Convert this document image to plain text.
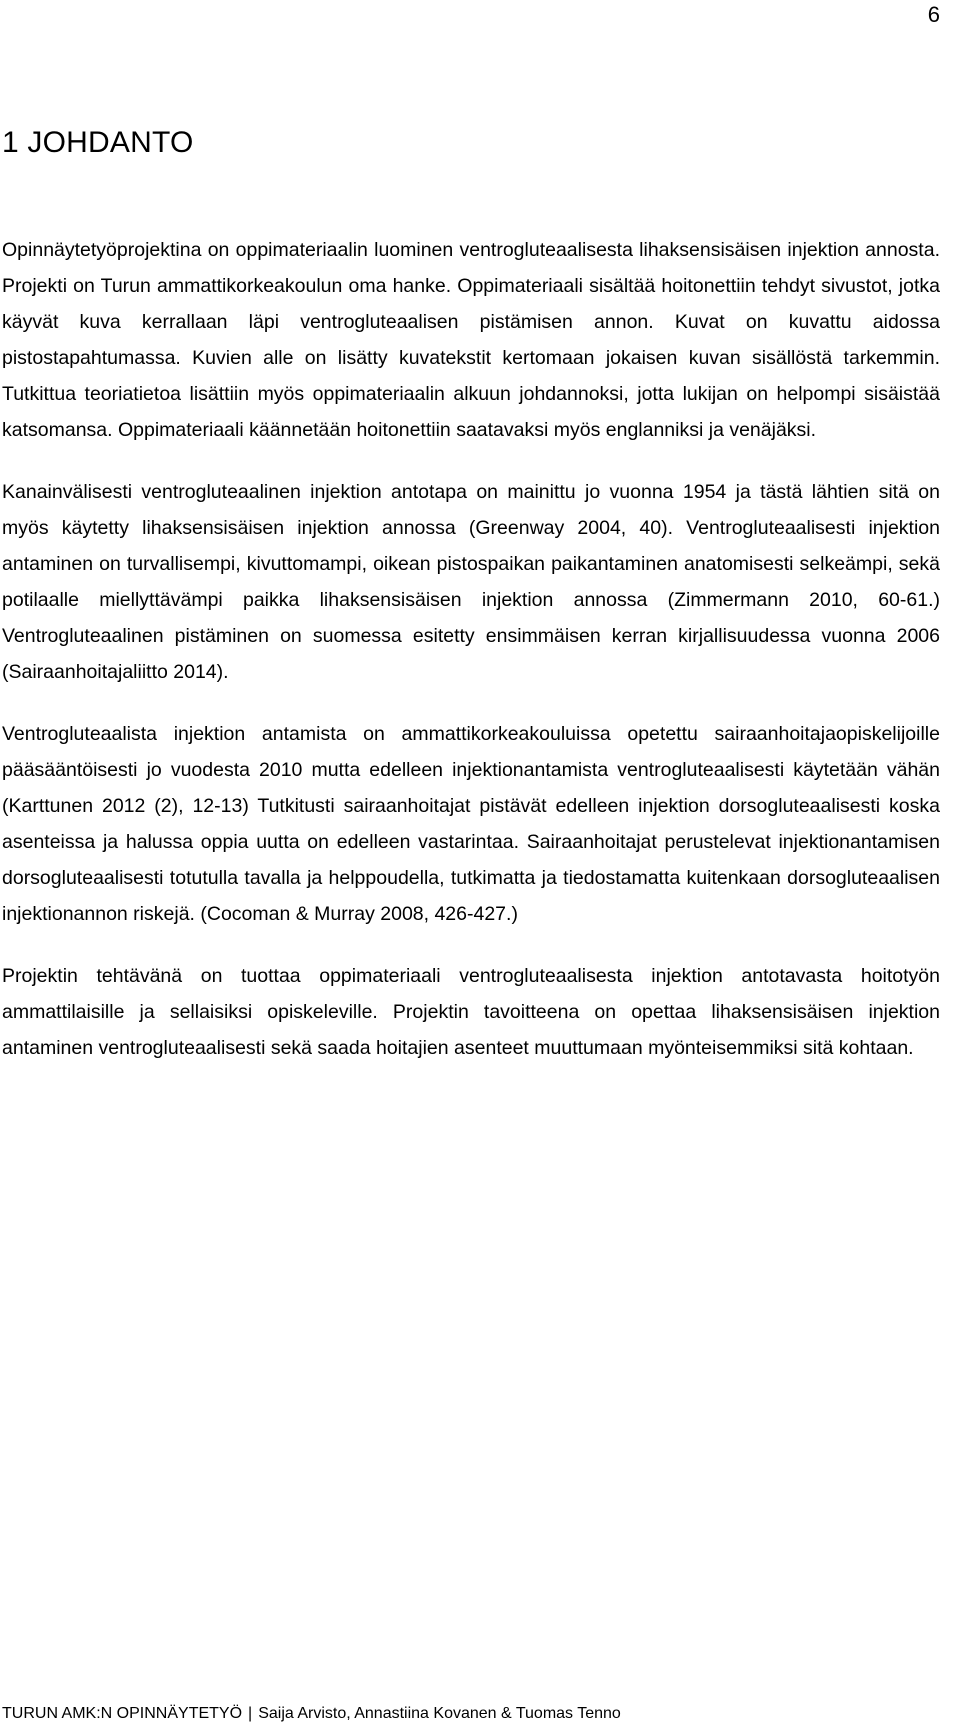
6
1 JOHDANTO

Opinnäytetyöprojektina on oppimateriaalin luominen ventrogluteaalisesta lihaksensisäisen injektion annosta. Projekti on Turun ammattikorkeakoulun oma hanke. Oppimateriaali sisältää hoitonettiin tehdyt sivustot, jotka käyvät kuva kerrallaan läpi ventrogluteaalisen pistämisen annon. Kuvat on kuvattu aidossa pistostapahtumassa. Kuvien alle on lisätty kuvatekstit kertomaan jokaisen kuvan sisällöstä tarkemmin. Tutkittua teoriatietoa lisättiin myös oppimateriaalin alkuun johdannoksi, jotta lukijan on helpompi sisäistää katsomansa. Oppimateriaali käännetään hoitonettiin saatavaksi myös englanniksi ja venäjäksi.

Kanainvälisesti ventrogluteaalinen injektion antotapa on mainittu jo vuonna 1954 ja tästä lähtien sitä on myös käytetty lihaksensisäisen injektion annossa (Greenway 2004, 40). Ventrogluteaalisesti injektion antaminen on turvallisempi, kivuttomampi, oikean pistospaikan paikantaminen anatomisesti selkeämpi, sekä potilaalle miellyttävämpi paikka lihaksensisäisen injektion annossa (Zimmermann 2010, 60-61.) Ventrogluteaalinen pistäminen on suomessa esitetty ensimmäisen kerran kirjallisuudessa vuonna 2006 (Sairaanhoitajaliitto 2014).

Ventrogluteaalista injektion antamista on ammattikorkeakouluissa opetettu sairaanhoitajaopiskelijoille pääsääntöisesti jo vuodesta 2010 mutta edelleen injektionantamista ventrogluteaalisesti käytetään vähän (Karttunen 2012 (2), 12-13) Tutkitusti sairaanhoitajat pistävät edelleen injektion dorsogluteaalisesti koska asenteissa ja halussa oppia uutta on edelleen vastarintaa. Sairaanhoitajat perustelevat injektionantamisen dorsogluteaalisesti totutulla tavalla ja helppoudella, tutkimatta ja tiedostamatta kuitenkaan dorsogluteaalisen injektionannon riskejä. (Cocoman & Murray 2008, 426-427.)

Projektin tehtävänä on tuottaa oppimateriaali ventrogluteaalisesta injektion antotavasta hoitotyön ammattilaisille ja sellaisiksi opiskeleville. Projektin tavoitteena on opettaa lihaksensisäisen injektion antaminen ventrogluteaalisesti sekä saada hoitajien asenteet muuttumaan myönteisemmiksi sitä kohtaan.

TURUN AMK:N OPINNÄYTETYÖ | Saija Arvisto, Annastiina Kovanen & Tuomas Tenno
